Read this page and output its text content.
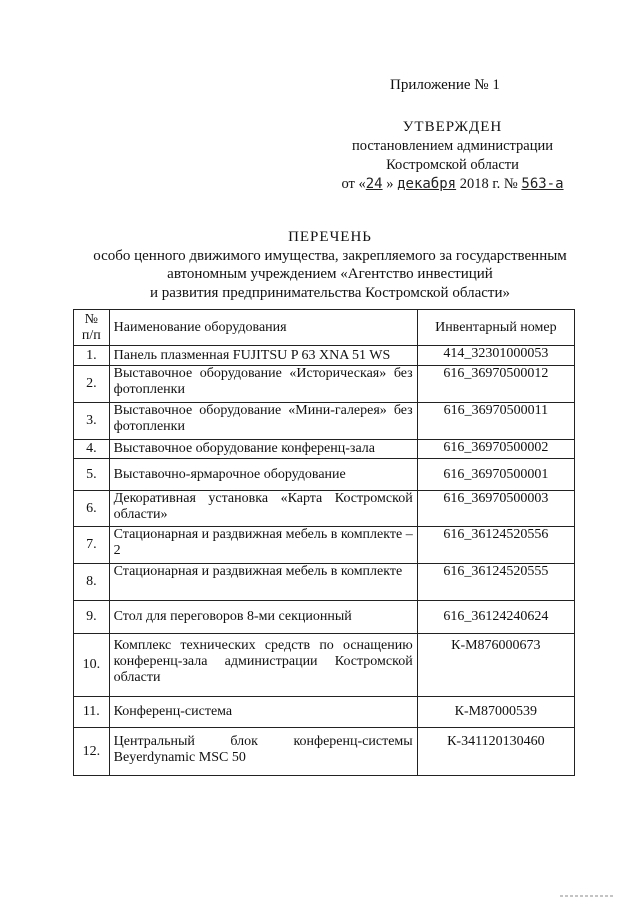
Приложение № 1
УТВЕРЖДЕН
постановлением администрации
Костромской области
от «24 » декабря 2018 г. № 563-а
ПЕРЕЧЕНЬ
особо ценного движимого имущества, закрепляемого за государственным
автономным учреждением «Агентство инвестиций
и развития предпринимательства Костромской области»
№ п/п	Наименование оборудования	Инвентарный номер
1.	Панель плазменная FUJITSU P 63 XNA 51 WS	414_32301000053
2.	Выставочное оборудование «Историческая» без фотопленки	616_36970500012
3.	Выставочное оборудование «Мини-галерея» без фотопленки	616_36970500011
4.	Выставочное оборудование конференц-зала	616_36970500002
5.	Выставочно-ярмарочное оборудование	616_36970500001
6.	Декоративная установка «Карта Костромской области»	616_36970500003
7.	Стационарная и раздвижная мебель в комплекте – 2	616_36124520556
8.	Стационарная и раздвижная мебель в комплекте	616_36124520555
9.	Стол для переговоров 8-ми секционный	616_36124240624
10.	Комплекс технических средств по оснащению конференц-зала администрации Костромской области	К-М876000673
11.	Конференц-система	К-М87000539
12.	Центральный блок конференц-системы Beyerdynamic MSC 50	К-341120130460
